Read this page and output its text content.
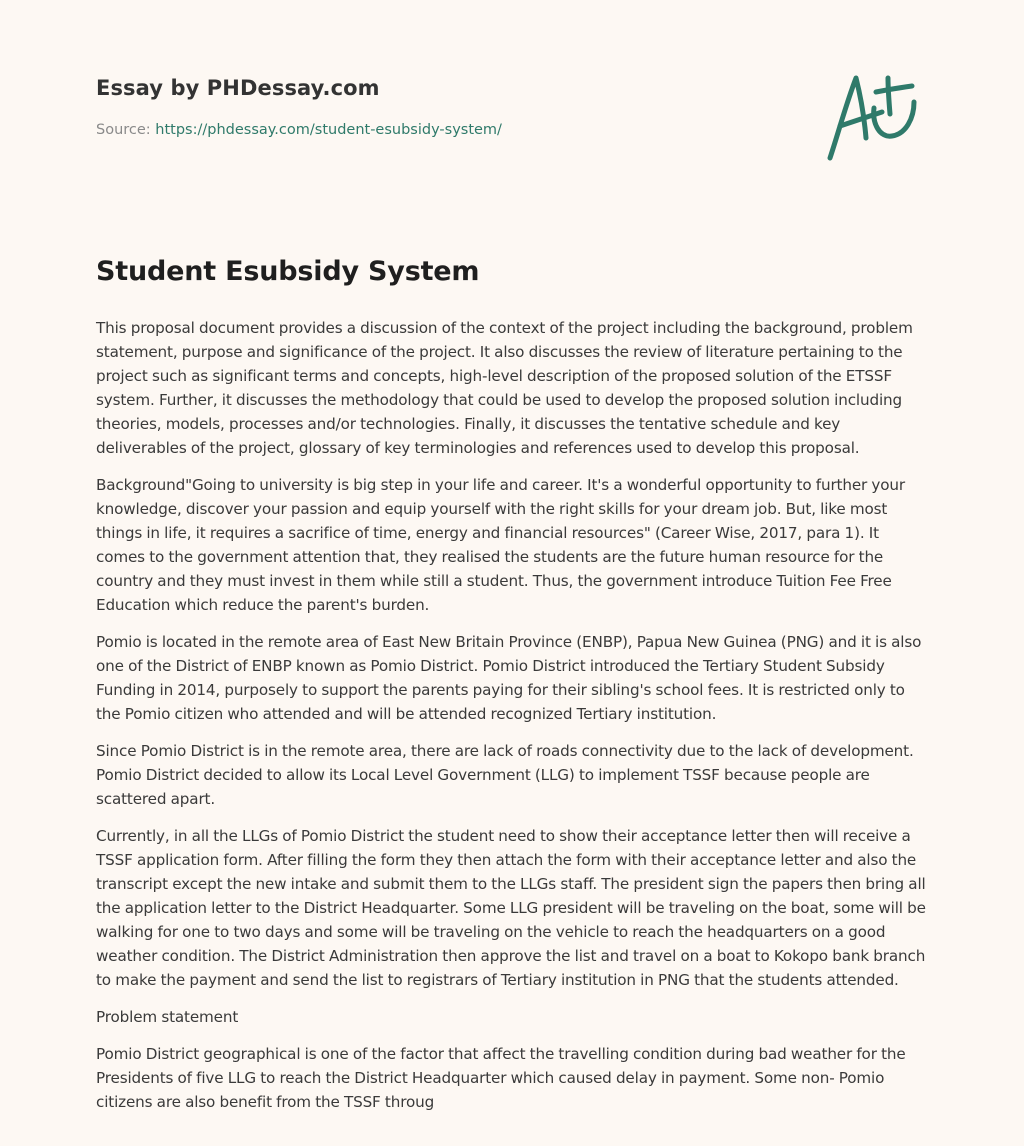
Essay by PHDessay.com
Source: https://phdessay.com/student-esubsidy-system/
Student Esubsidy System

This proposal document provides a discussion of the context of the project including the background, problem statement, purpose and significance of the project. It also discusses the review of literature pertaining to the project such as significant terms and concepts, high-level description of the proposed solution of the ETSSF system. Further, it discusses the methodology that could be used to develop the proposed solution including theories, models, processes and/or technologies. Finally, it discusses the tentative schedule and key deliverables of the project, glossary of key terminologies and references used to develop this proposal.

Background"Going to university is big step in your life and career. It's a wonderful opportunity to further your knowledge, discover your passion and equip yourself with the right skills for your dream job. But, like most things in life, it requires a sacrifice of time, energy and financial resources" (Career Wise, 2017, para 1). It comes to the government attention that, they realised the students are the future human resource for the country and they must invest in them while still a student. Thus, the government introduce Tuition Fee Free Education which reduce the parent's burden.

Pomio is located in the remote area of East New Britain Province (ENBP), Papua New Guinea (PNG) and it is also one of the District of ENBP known as Pomio District. Pomio District introduced the Tertiary Student Subsidy Funding in 2014, purposely to support the parents paying for their sibling's school fees. It is restricted only to the Pomio citizen who attended and will be attended recognized Tertiary institution.

Since Pomio District is in the remote area, there are lack of roads connectivity due to the lack of development. Pomio District decided to allow its Local Level Government (LLG) to implement TSSF because people are scattered apart.

Currently, in all the LLGs of Pomio District the student need to show their acceptance letter then will receive a TSSF application form. After filling the form they then attach the form with their acceptance letter and also the transcript except the new intake and submit them to the LLGs staff. The president sign the papers then bring all the application letter to the District Headquarter. Some LLG president will be traveling on the boat, some will be walking for one to two days and some will be traveling on the vehicle to reach the headquarters on a good weather condition. The District Administration then approve the list and travel on a boat to Kokopo bank branch to make the payment and send the list to registrars of Tertiary institution in PNG that the students attended.

Problem statement

Pomio District geographical is one of the factor that affect the travelling condition during bad weather for the Presidents of five LLG to reach the District Headquarter which caused delay in payment. Some non- Pomio citizens are also benefit from the TSSF throug
